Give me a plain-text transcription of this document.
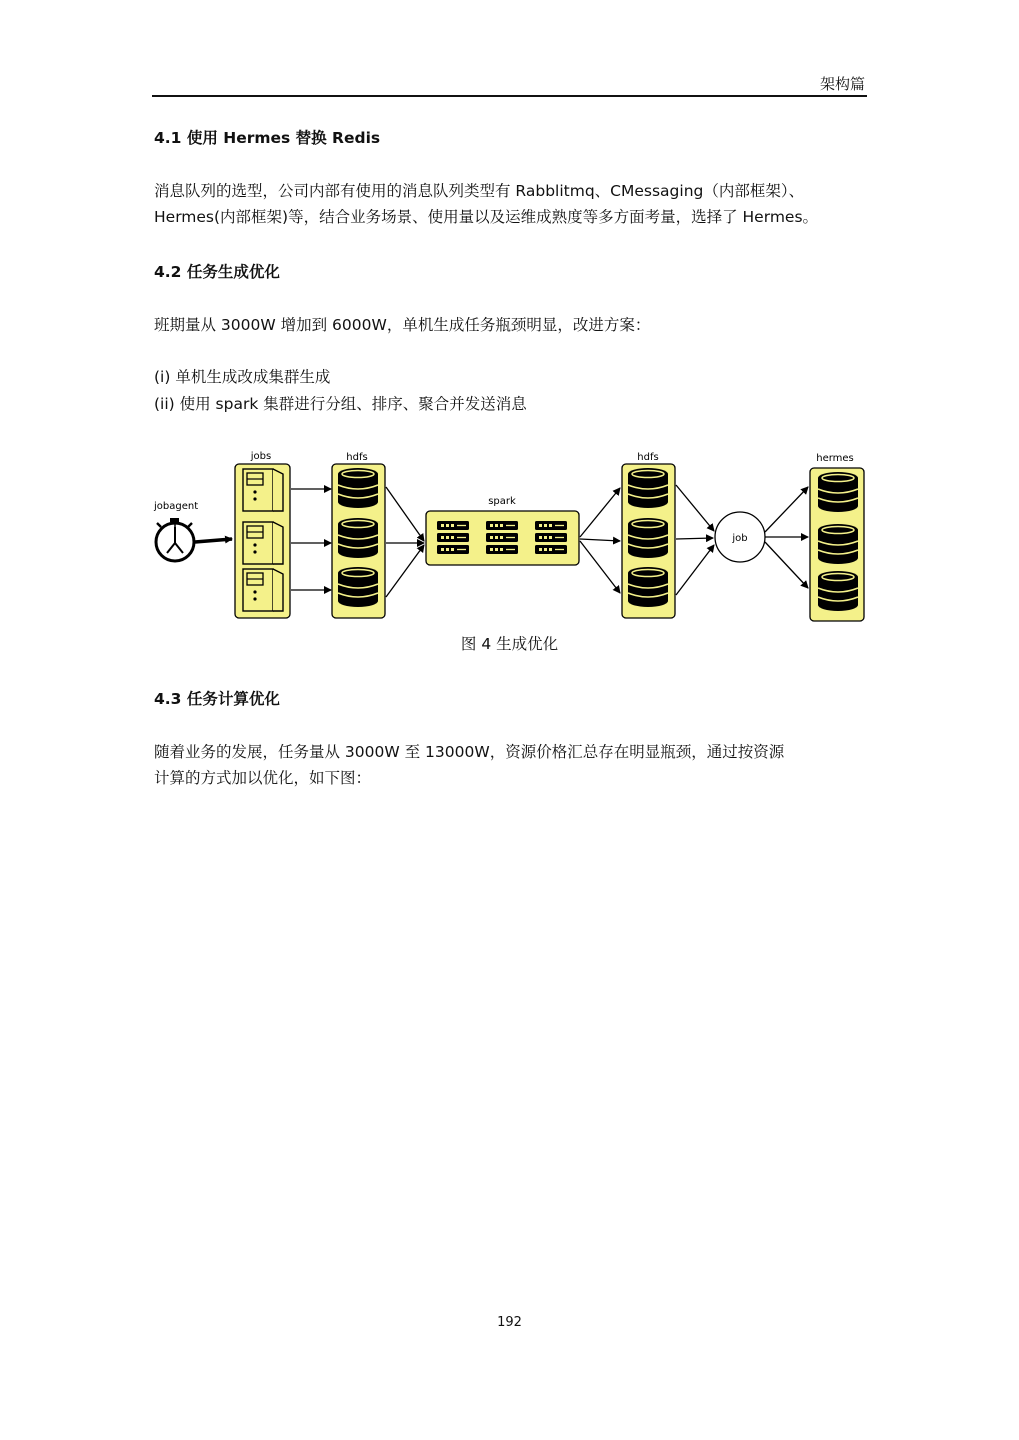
架构篇
4.1 使用 Hermes 替换 Redis
消息队列的选型，公司内部有使用的消息队列类型有 Rabblitmq、CMessaging（内部框架）、
Hermes(内部框架)等，结合业务场景、使用量以及运维成熟度等多方面考量，选择了 Hermes。
4.2 任务生成优化
班期量从 3000W 增加到 6000W，单机生成任务瓶颈明显，改进方案：
(i) 单机生成改成集群生成
(ii) 使用 spark 集群进行分组、排序、聚合并发送消息
jobagent
jobs	hdfs
spark
hdfs	hermes
job
图 4 生成优化
4.3 任务计算优化
随着业务的发展，任务量从 3000W 至 13000W，资源价格汇总存在明显瓶颈，通过按资源
计算的方式加以优化，如下图：
192
